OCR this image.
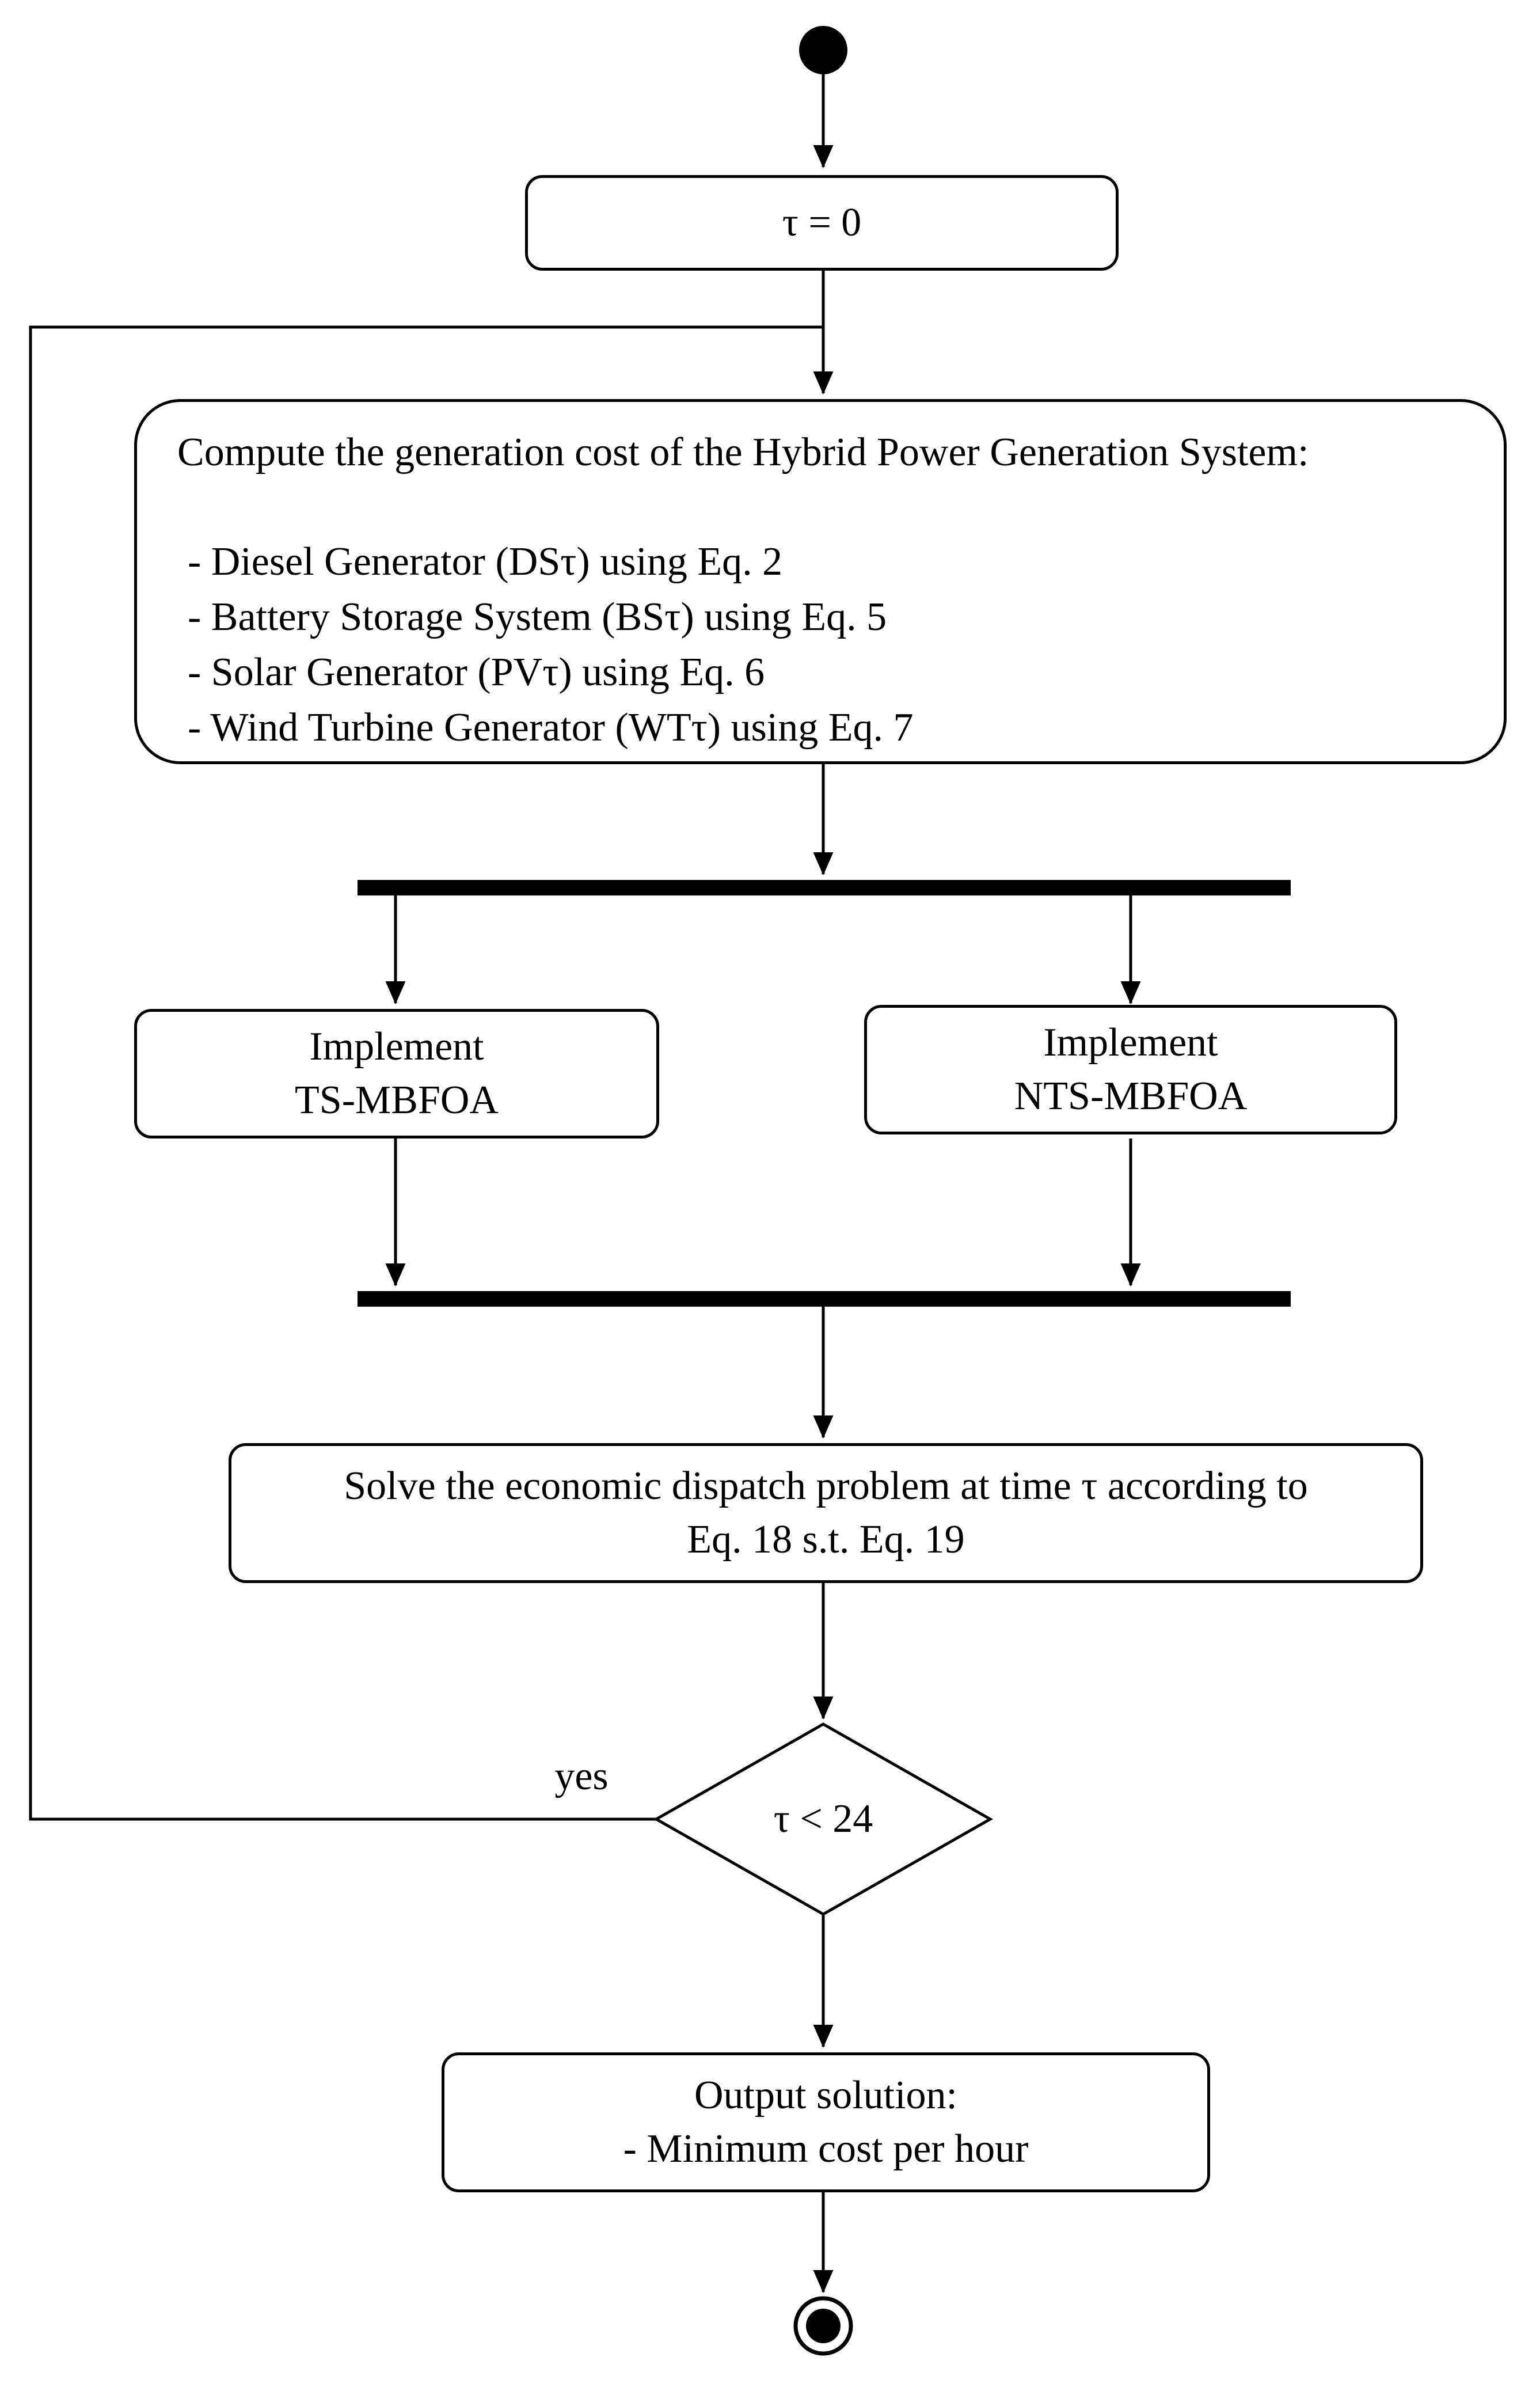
τ = 0
Compute the generation cost of the Hybrid Power Generation System:
- Diesel Generator (DSτ) using Eq. 2
- Battery Storage System (BSτ) using Eq. 5
- Solar Generator (PVτ) using Eq. 6
- Wind Turbine Generator (WTτ) using Eq. 7
Implement
TS-MBFOA
Implement
NTS-MBFOA
Solve the economic dispatch problem at time τ according to
Eq. 18 s.t. Eq. 19
τ < 24
yes
Output solution:
- Minimum cost per hour
